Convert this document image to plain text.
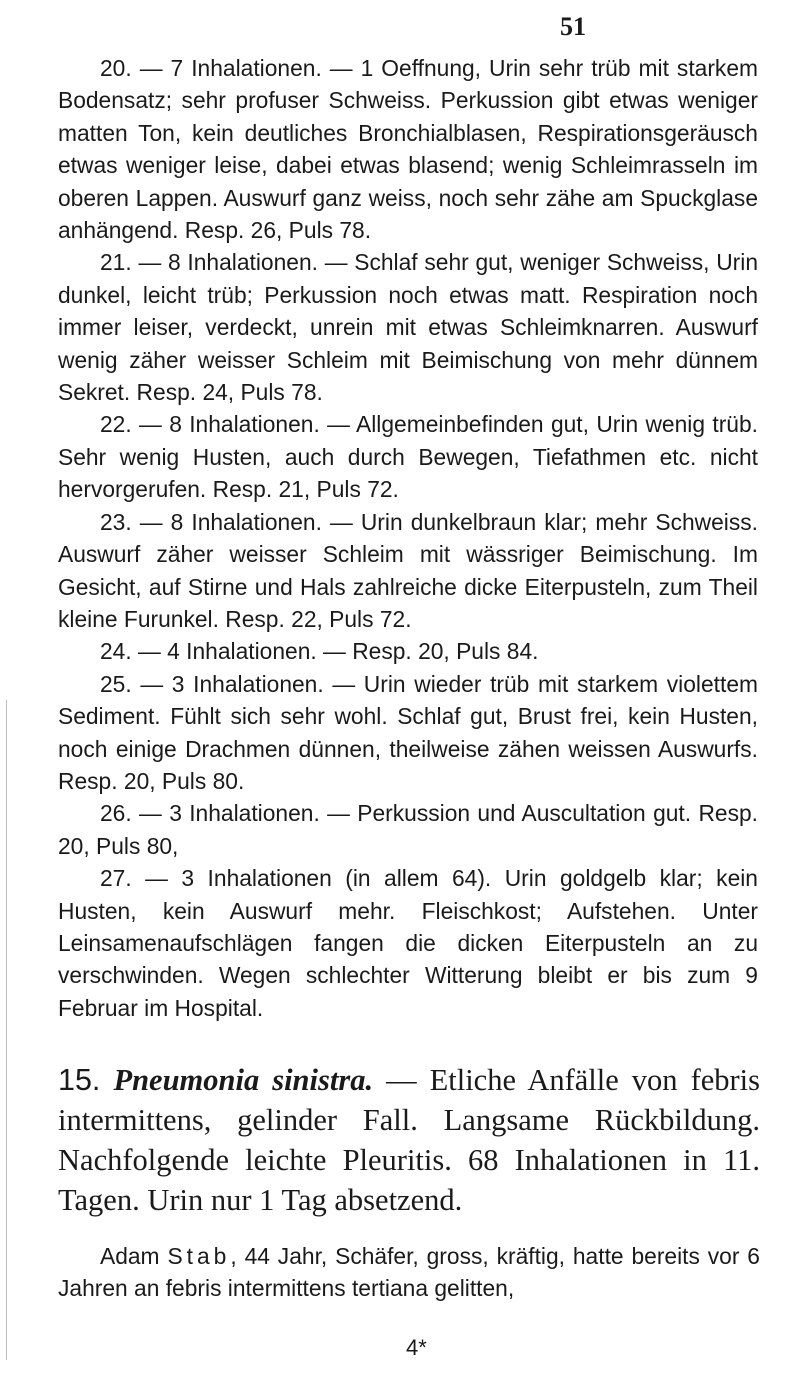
51

20. — 7 Inhalationen. — 1 Oeffnung, Urin sehr trüb mit starkem Bodensatz; sehr profuser Schweiss. Perkussion gibt etwas weniger matten Ton, kein deutliches Bronchialblasen, Respirationsgeräusch etwas weniger leise, dabei etwas blasend; wenig Schleimrasseln im oberen Lappen. Auswurf ganz weiss, noch sehr zähe am Spuckglase anhängend. Resp. 26, Puls 78.

21. — 8 Inhalationen. — Schlaf sehr gut, weniger Schweiss, Urin dunkel, leicht trüb; Perkussion noch etwas matt. Respiration noch immer leiser, verdeckt, unrein mit etwas Schleimknarren. Auswurf wenig zäher weisser Schleim mit Beimischung von mehr dünnem Sekret. Resp. 24, Puls 78.

22. — 8 Inhalationen. — Allgemeinbefinden gut, Urin wenig trüb. Sehr wenig Husten, auch durch Bewegen, Tiefathmen etc. nicht hervorgerufen. Resp. 21, Puls 72.

23. — 8 Inhalationen. — Urin dunkelbraun klar; mehr Schweiss. Auswurf zäher weisser Schleim mit wässriger Beimischung. Im Gesicht, auf Stirne und Hals zahlreiche dicke Eiterpusteln, zum Theil kleine Furunkel. Resp. 22, Puls 72.

24. — 4 Inhalationen. — Resp. 20, Puls 84.

25. — 3 Inhalationen. — Urin wieder trüb mit starkem violettem Sediment. Fühlt sich sehr wohl. Schlaf gut, Brust frei, kein Husten, noch einige Drachmen dünnen, theilweise zähen weissen Auswurfs. Resp. 20, Puls 80.

26. — 3 Inhalationen. — Perkussion und Auscultation gut. Resp. 20, Puls 80,

27. — 3 Inhalationen (in allem 64). Urin goldgelb klar; kein Husten, kein Auswurf mehr. Fleischkost; Aufstehen. Unter Leinsamenaufschlägen fangen die dicken Eiterpusteln an zu verschwinden. Wegen schlechter Witterung bleibt er bis zum 9 Februar im Hospital.

15. Pneumonia sinistra. — Etliche Anfälle von febris intermittens, gelinder Fall. Langsame Rückbildung. Nachfolgende leichte Pleuritis. 68 Inhalationen in 11. Tagen. Urin nur 1 Tag absetzend.
Adam Stab, 44 Jahr, Schäfer, gross, kräftig, hatte bereits vor 6 Jahren an febris intermittens tertiana gelitten,
4*
